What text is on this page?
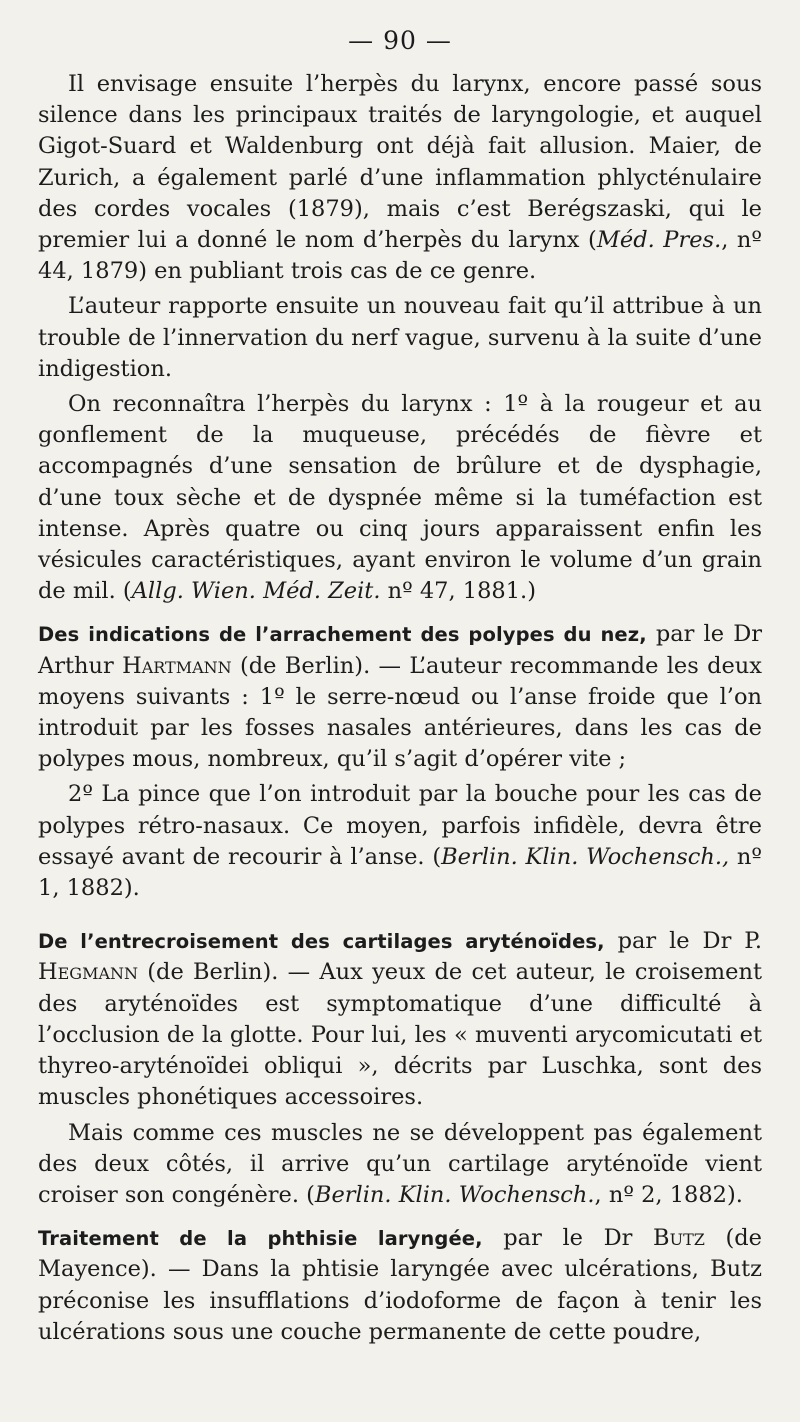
— 90 —

Il envisage ensuite l’herpès du larynx, encore passé sous silence dans les principaux traités de laryngologie, et auquel Gigot-Suard et Waldenburg ont déjà fait allusion. Maier, de Zurich, a également parlé d’une inflammation phlycténulaire des cordes vocales (1879), mais c’est Berégszaski, qui le premier lui a donné le nom d’herpès du larynx (Méd. Pres., nº 44, 1879) en publiant trois cas de ce genre.

L’auteur rapporte ensuite un nouveau fait qu’il attribue à un trouble de l’innervation du nerf vague, survenu à la suite d’une indigestion.

On reconnaîtra l’herpès du larynx : 1º à la rougeur et au gonflement de la muqueuse, précédés de fièvre et accompagnés d’une sensation de brûlure et de dysphagie, d’une toux sèche et de dyspnée même si la tuméfaction est intense. Après quatre ou cinq jours apparaissent enfin les vésicules caractéristiques, ayant environ le volume d’un grain de mil. (Allg. Wien. Méd. Zeit. nº 47, 1881.)

Des indications de l’arrachement des polypes du nez, par le Dr Arthur Hartmann (de Berlin). — L’auteur recommande les deux moyens suivants : 1º le serre-nœud ou l’anse froide que l’on introduit par les fosses nasales antérieures, dans les cas de polypes mous, nombreux, qu’il s’agit d’opérer vite ;

2º La pince que l’on introduit par la bouche pour les cas de polypes rétro-nasaux. Ce moyen, parfois infidèle, devra être essayé avant de recourir à l’anse. (Berlin. Klin. Wochensch., nº 1, 1882).

De l’entrecroisement des cartilages aryténoïdes, par le Dr P. Hegmann (de Berlin). — Aux yeux de cet auteur, le croisement des aryténoïdes est symptomatique d’une difficulté à l’occlusion de la glotte. Pour lui, les « muventi arycomicutati et thyreo-aryténoïdei obliqui », décrits par Luschka, sont des muscles phonétiques accessoires.

Mais comme ces muscles ne se développent pas également des deux côtés, il arrive qu’un cartilage aryténoïde vient croiser son congénère. (Berlin. Klin. Wochensch., nº 2, 1882).

Traitement de la phthisie laryngée, par le Dr Butz (de Mayence). — Dans la phtisie laryngée avec ulcérations, Butz préconise les insufflations d’iodoforme de façon à tenir les ulcérations sous une couche permanente de cette poudre,
